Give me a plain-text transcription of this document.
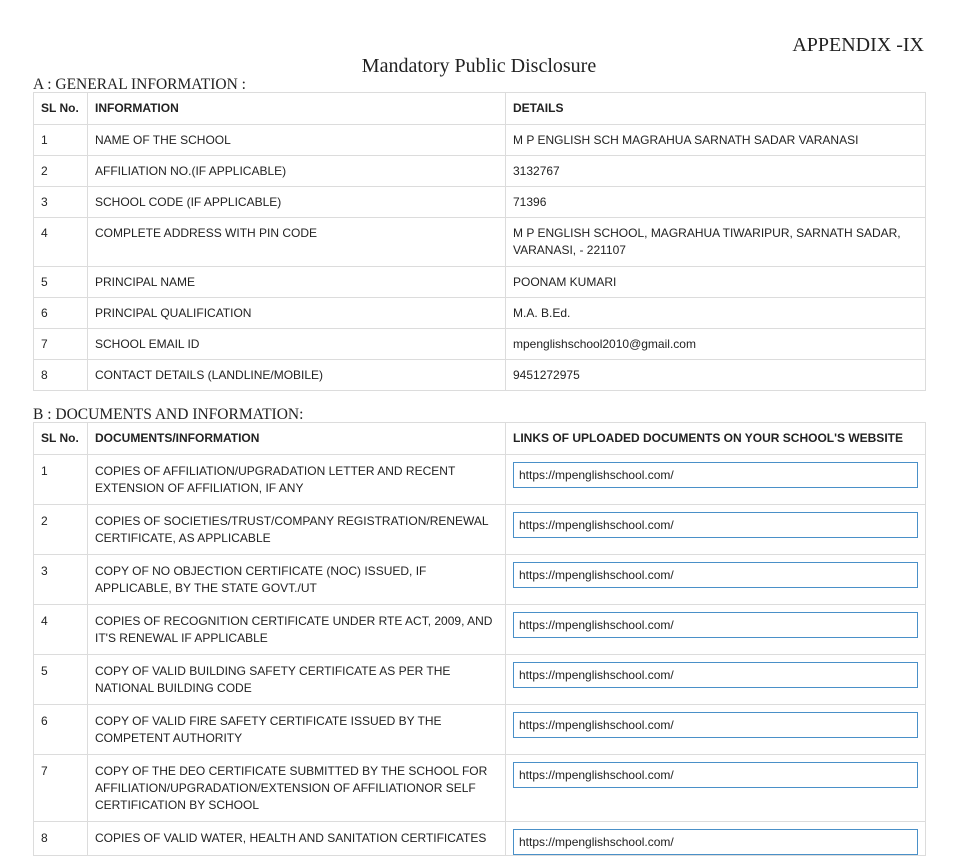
APPENDIX -IX
Mandatory Public Disclosure
A : GENERAL INFORMATION :
SL No.	INFORMATION	DETAILS
1	NAME OF THE SCHOOL	M P ENGLISH SCH MAGRAHUA SARNATH SADAR VARANASI
2	AFFILIATION NO.(IF APPLICABLE)	3132767
3	SCHOOL CODE (IF APPLICABLE)	71396
4	COMPLETE ADDRESS WITH PIN CODE	M P ENGLISH SCHOOL, MAGRAHUA TIWARIPUR, SARNATH SADAR, VARANASI, - 221107
5	PRINCIPAL NAME	POONAM KUMARI
6	PRINCIPAL QUALIFICATION	M.A. B.Ed.
7	SCHOOL EMAIL ID	mpenglishschool2010@gmail.com
8	CONTACT DETAILS (LANDLINE/MOBILE)	9451272975
B : DOCUMENTS AND INFORMATION:
SL No.	DOCUMENTS/INFORMATION	LINKS OF UPLOADED DOCUMENTS ON YOUR SCHOOL'S WEBSITE
1	COPIES OF AFFILIATION/UPGRADATION LETTER AND RECENT EXTENSION OF AFFILIATION, IF ANY	https://mpenglishschool.com/

2	COPIES OF SOCIETIES/TRUST/COMPANY REGISTRATION/RENEWAL CERTIFICATE, AS APPLICABLE	https://mpenglishschool.com/

3	COPY OF NO OBJECTION CERTIFICATE (NOC) ISSUED, IF APPLICABLE, BY THE STATE GOVT./UT	https://mpenglishschool.com/

4	COPIES OF RECOGNITION CERTIFICATE UNDER RTE ACT, 2009, AND IT'S RENEWAL IF APPLICABLE	https://mpenglishschool.com/

5	COPY OF VALID BUILDING SAFETY CERTIFICATE AS PER THE NATIONAL BUILDING CODE	https://mpenglishschool.com/

6	COPY OF VALID FIRE SAFETY CERTIFICATE ISSUED BY THE COMPETENT AUTHORITY	https://mpenglishschool.com/

7	COPY OF THE DEO CERTIFICATE SUBMITTED BY THE SCHOOL FOR AFFILIATION/UPGRADATION/EXTENSION OF AFFILIATIONOR SELF CERTIFICATION BY SCHOOL	https://mpenglishschool.com/

8	COPIES OF VALID WATER, HEALTH AND SANITATION CERTIFICATES	https://mpenglishschool.com/
